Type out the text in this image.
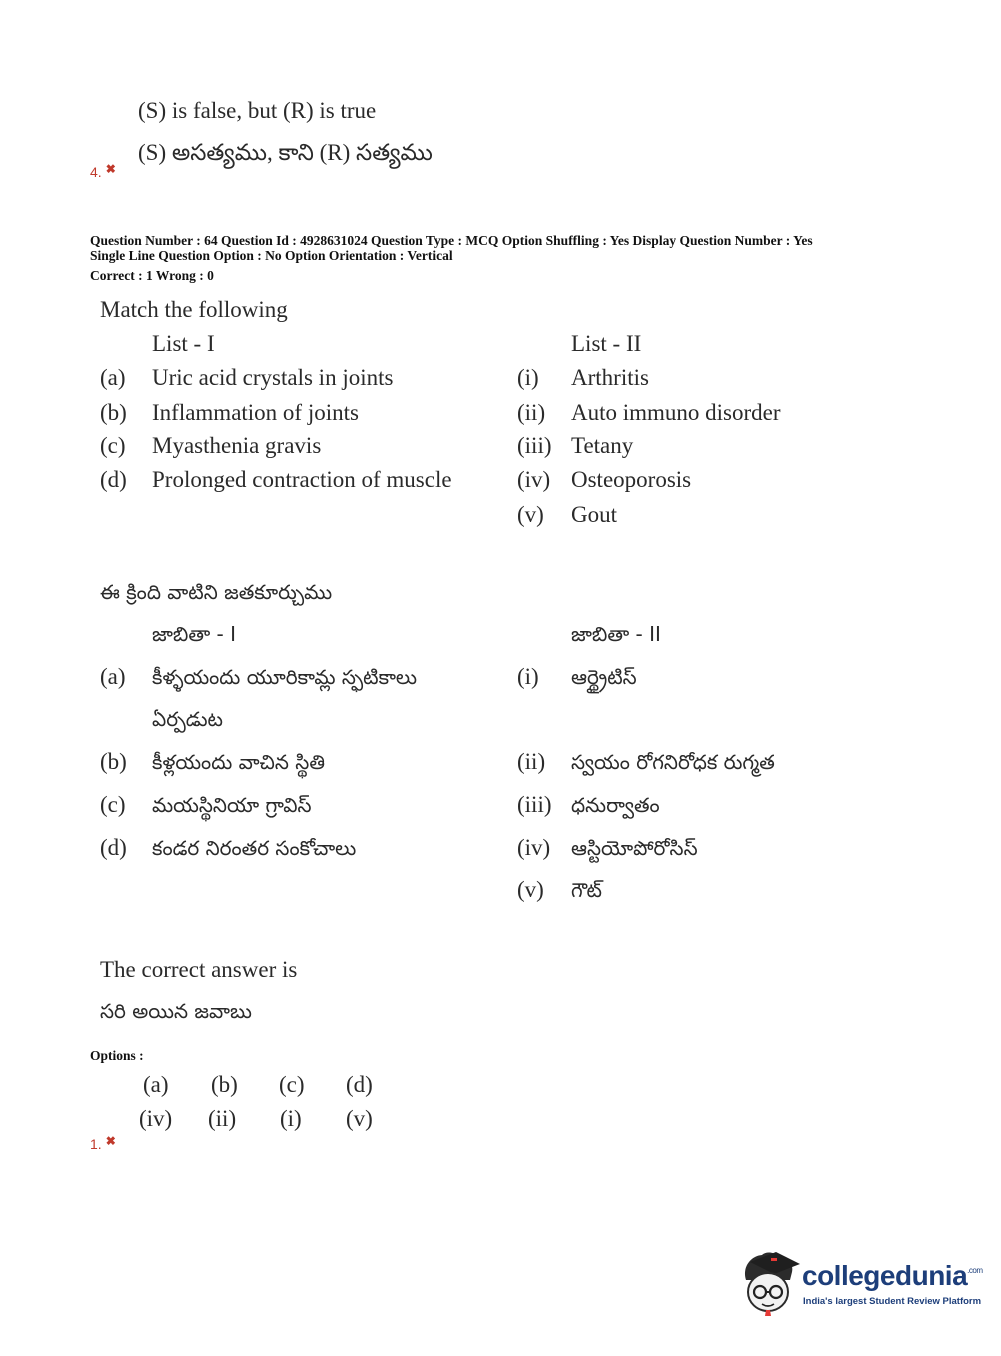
(S) is false, but (R) is true
(S) అసత్యము, కాని (R) సత్యము
4. ✖
Question Number : 64 Question Id : 4928631024 Question Type : MCQ Option Shuffling : Yes Display Question Number : Yes
Single Line Question Option : No Option Orientation : Vertical
Correct : 1 Wrong : 0
Match the following
List - I	List - II
(a) Uric acid crystals in joints
(b) Inflammation of joints
(c) Myasthenia gravis
(d) Prolonged contraction of muscle
(i) Arthritis
(ii) Auto immuno disorder
(iii) Tetany
(iv) Osteoporosis
(v) Gout
ఈ క్రింది వాటిని జతకూర్చుము
జాబితా - I	జాబితా - II
(a) కీళ్ళయందు యూరికామ్ల స్ఫటికాలు
ఏర్పడుట
(b) కీళ్లయందు వాచిన స్థితి
(c) మయస్థినియా గ్రావిస్
(d) కండర నిరంతర సంకోచాలు
(i) ఆర్థ్రైటిస్
(ii) స్వయం రోగనిరోధక రుగ్మత
(iii) ధనుర్వాతం
(iv) ఆస్టియోపోరోసిస్
(v) గౌట్
The correct answer is
సరి అయిన జవాబు
Options :
(a) (b) (c) (d)
(iv) (ii) (i) (v)
1. ✖
collegedunia$^{.com}$
India's largest Student Review Platform
